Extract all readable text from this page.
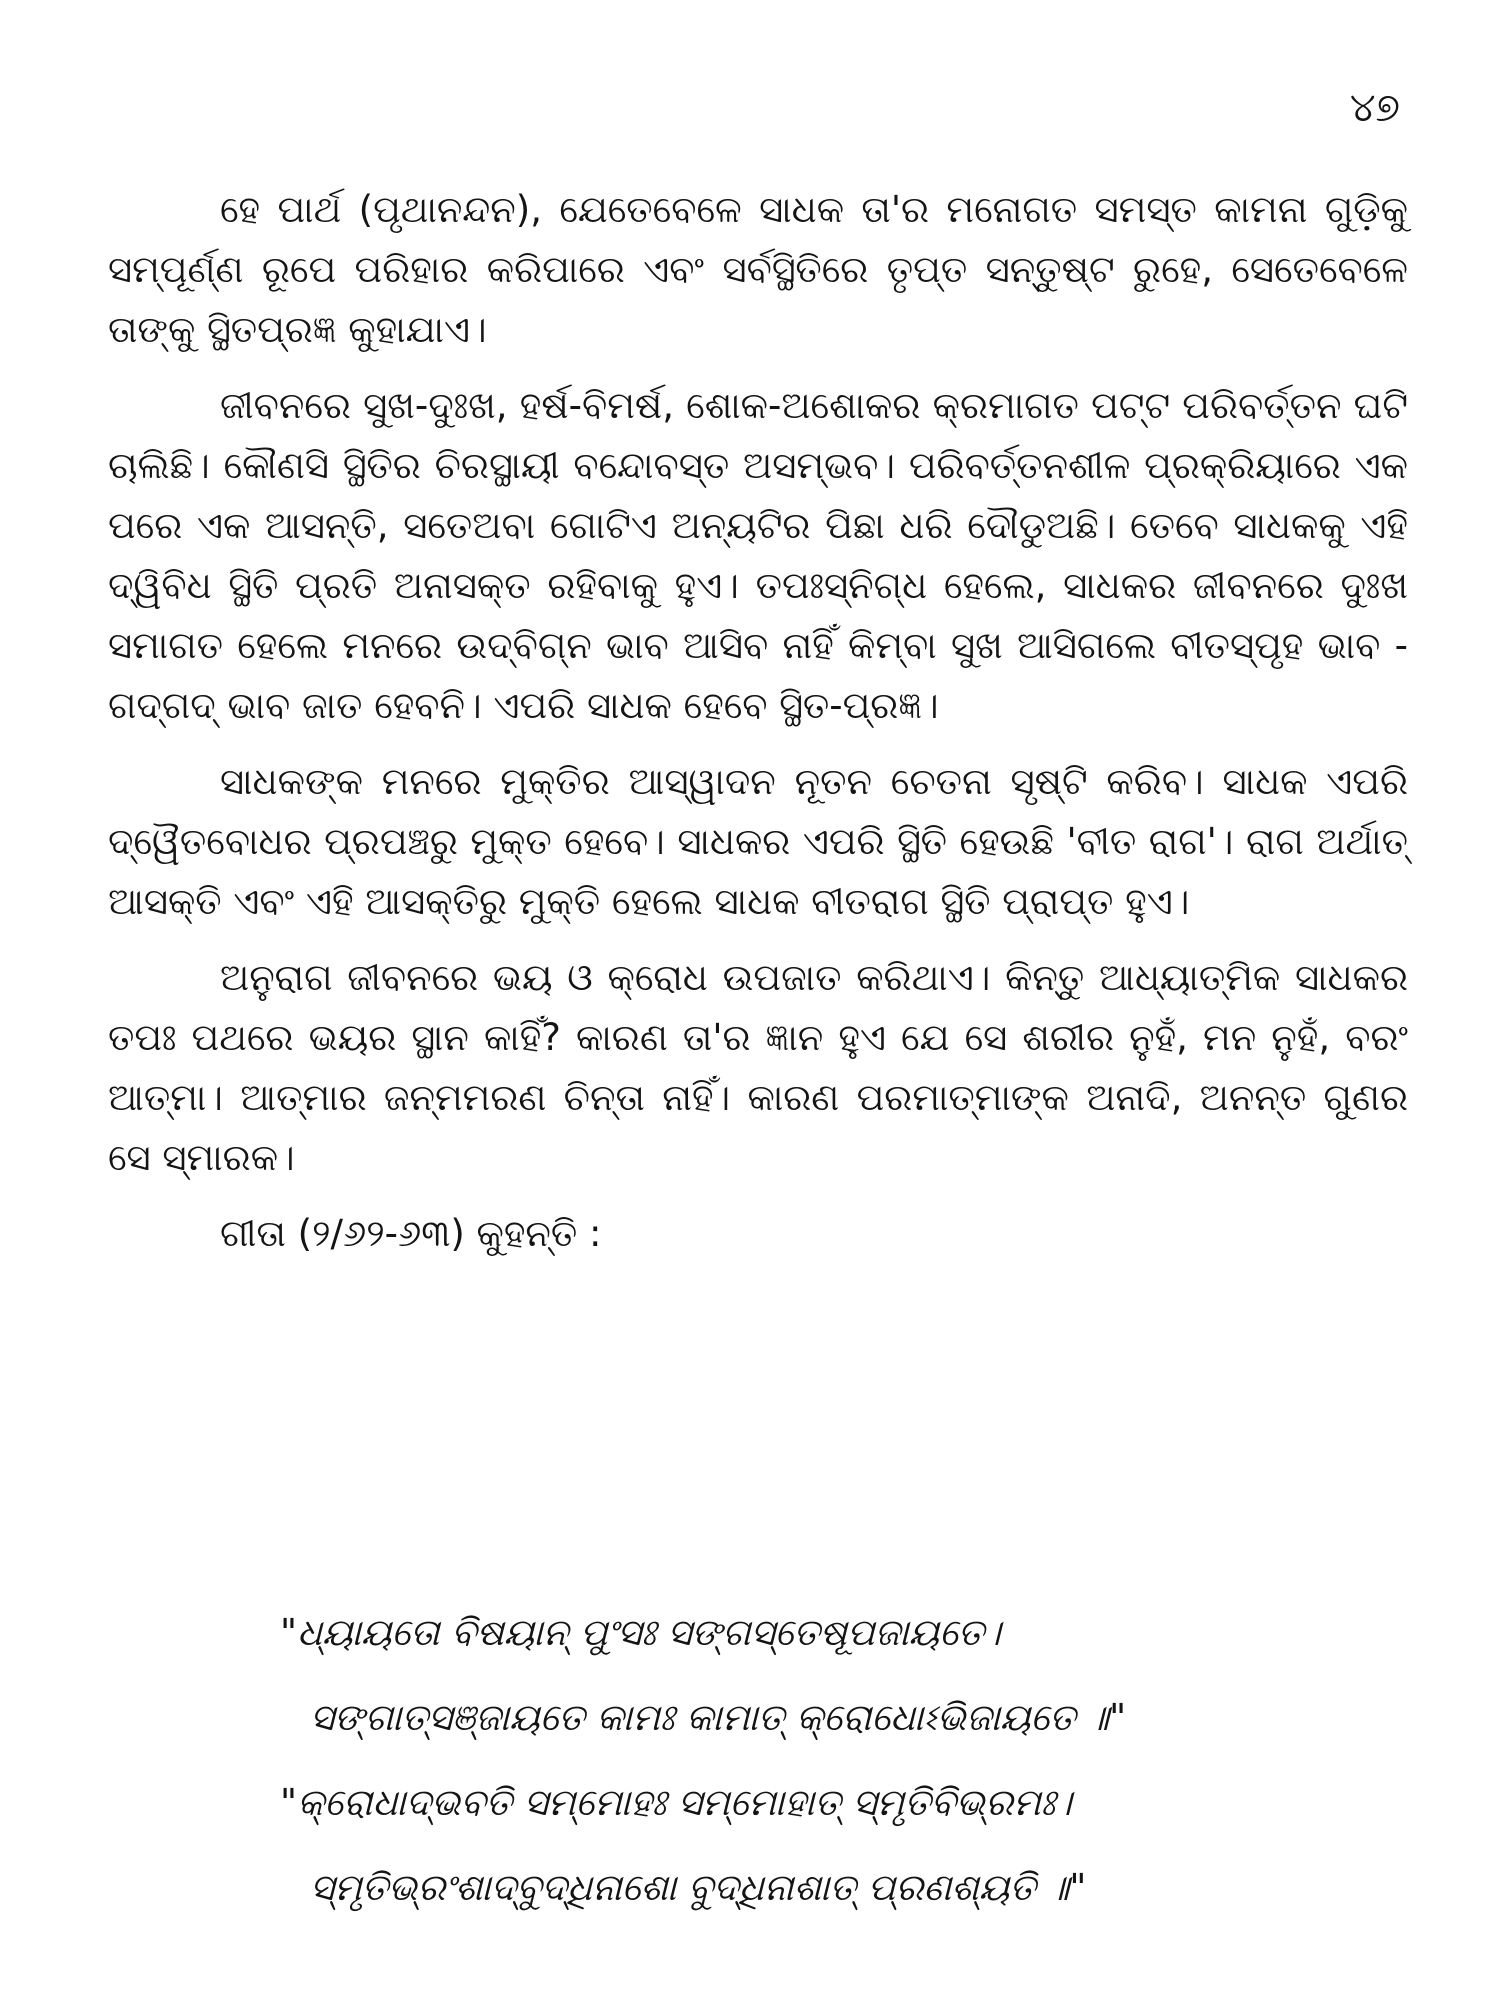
୪୭

ହେ ପାର୍ଥ (ପୃଥାନନ୍ଦନ), ଯେତେବେଳେ ସାଧକ ତା'ର ମନୋଗତ ସମସ୍ତ କାମନା ଗୁଡ଼ିକୁ ସମ୍ପୂର୍ଣ୍ଣ ରୂପେ ପରିହାର କରିପାରେ ଏବଂ ସର୍ବସ୍ଥିତିରେ ତୃପ୍ତ ସନ୍ତୁଷ୍ଟ ରୁହେ, ସେତେବେଳେ ତାଙ୍କୁ ସ୍ଥିତପ୍ରଜ୍ଞ କୁହାଯାଏ।

ଜୀବନରେ ସୁଖ-ଦୁଃଖ, ହର୍ଷ-ବିମର୍ଷ, ଶୋକ-ଅଶୋକର କ୍ରମାଗତ ପଟ୍ଟ ପରିବର୍ତ୍ତନ ଘଟି ଚାଲିଛି। କୌଣସି ସ୍ଥିତିର ଚିରସ୍ଥାୟୀ ବନ୍ଦୋବସ୍ତ ଅସମ୍ଭବ। ପରିବର୍ତ୍ତନଶୀଳ ପ୍ରକ୍ରିୟାରେ ଏକ ପରେ ଏକ ଆସନ୍ତି, ସତେଅବା ଗୋଟିଏ ଅନ୍ୟଟିର ପିଛା ଧରି ଦୌଡୁଅଛି। ତେବେ ସାଧକକୁ ଏହି ଦ୍ୱିବିଧ ସ୍ଥିତି ପ୍ରତି ଅନାସକ୍ତ ରହିବାକୁ ହୁଏ। ତପଃସ୍ନିଗ୍ଧ ହେଲେ, ସାଧକର ଜୀବନରେ ଦୁଃଖ ସମାଗତ ହେଲେ ମନରେ ଉଦ୍‌ବିଗ୍ନ ଭାବ ଆସିବ ନାହିଁ କିମ୍ବା ସୁଖ ଆସିଗଲେ ବୀତସ୍ପୃହ ଭାବ - ଗଦ୍‌ଗଦ୍ ଭାବ ଜାତ ହେବନି। ଏପରି ସାଧକ ହେବେ ସ୍ଥିତ-ପ୍ରଜ୍ଞ।

ସାଧକଙ୍କ ମନରେ ମୁକ୍ତିର ଆସ୍ୱାଦନ ନୂତନ ଚେତନା ସୃଷ୍ଟି କରିବ। ସାଧକ ଏପରି ଦ୍ୱୈତବୋଧର ପ୍ରପଞ୍ଚରୁ ମୁକ୍ତ ହେବେ। ସାଧକର ଏପରି ସ୍ଥିତି ହେଉଛି 'ବୀତ ରାଗ'। ରାଗ ଅର୍ଥାତ୍ ଆସକ୍ତି ଏବଂ ଏହି ଆସକ୍ତିରୁ ମୁକ୍ତି ହେଲେ ସାଧକ ବୀତରାଗ ସ୍ଥିତି ପ୍ରାପ୍ତ ହୁଏ।

ଅନୁରାଗ ଜୀବନରେ ଭୟ ଓ କ୍ରୋଧ ଉପଜାତ କରିଥାଏ। କିନ୍ତୁ ଆଧ୍ୟାତ୍ମିକ ସାଧକର ତପଃ ପଥରେ ଭୟର ସ୍ଥାନ କାହିଁ? କାରଣ ତା'ର ଜ୍ଞାନ ହୁଏ ଯେ ସେ ଶରୀର ନୁହଁ, ମନ ନୁହଁ, ବରଂ ଆତ୍ମା। ଆତ୍ମାର ଜନ୍ମମରଣ ଚିନ୍ତା ନାହିଁ। କାରଣ ପରମାତ୍ମାଙ୍କ ଅନାଦି, ଅନନ୍ତ ଗୁଣର ସେ ସ୍ମାରକ।

ଗୀତା (୨/୬୨-୬୩) କୁହନ୍ତି :

"ଧ୍ୟାୟତୋ ବିଷୟାନ୍ ପୁଂସଃ ସଙ୍ଗସ୍ତେଷୂପଜାୟତେ।
ସଙ୍ଗାତ୍‌ସଞ୍ଜାୟତେ କାମଃ କାମାତ୍ କ୍ରୋଧୋଽଭିଜାୟତେ ॥"
"କ୍ରୋଧାଦ୍‌ଭବତି ସମ୍ମୋହଃ ସମ୍ମୋହାତ୍ ସ୍ମୃତିବିଭ୍ରମଃ।
ସ୍ମୃତିଭ୍ରଂଶାଦ୍‌ବୁଦ୍ଧିନାଶୋ ବୁଦ୍ଧିନାଶାତ୍ ପ୍ରଣଶ୍ୟତି ॥"
